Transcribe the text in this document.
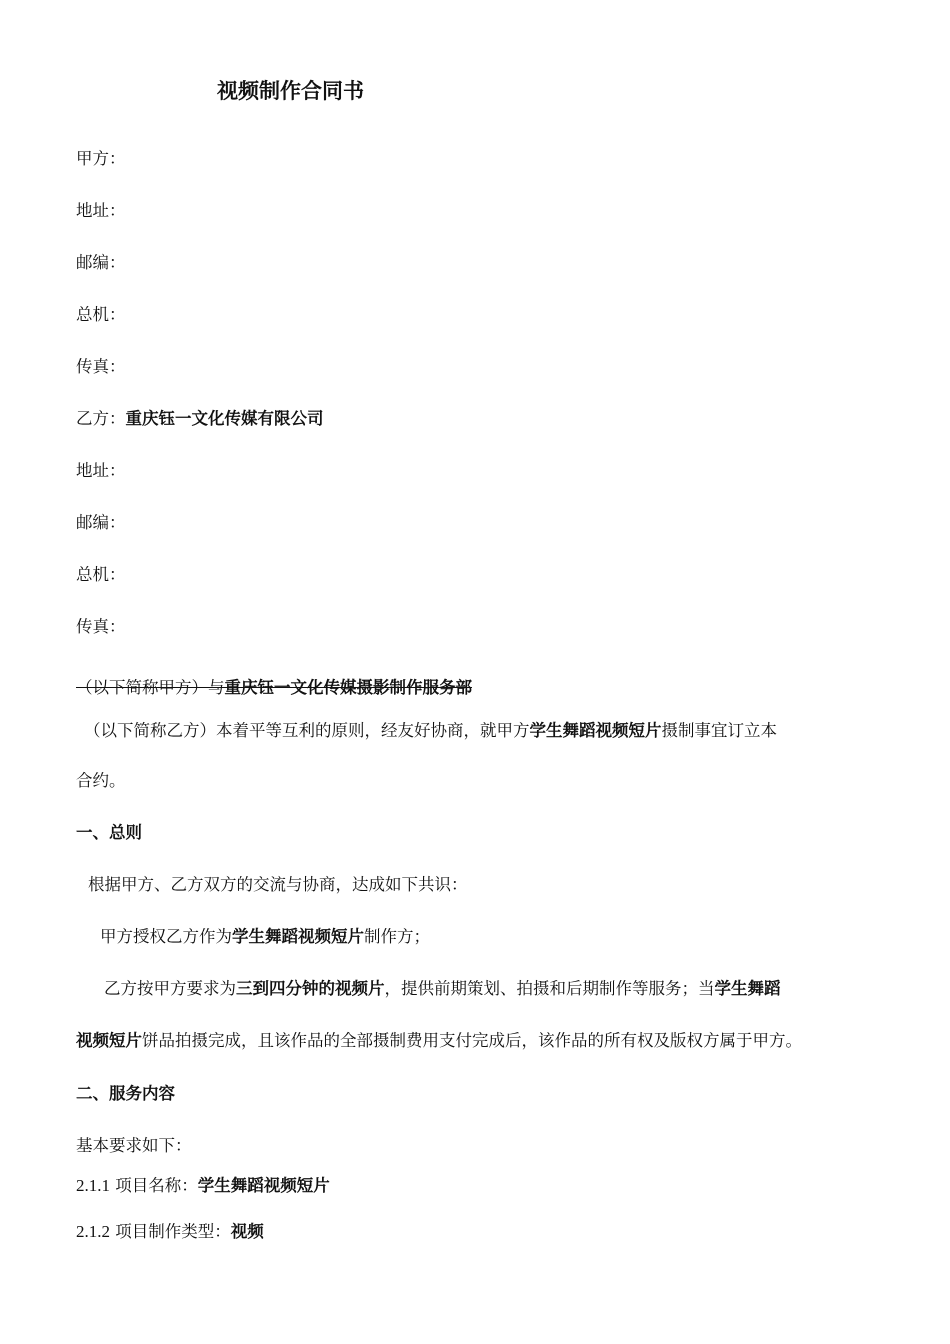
视频制作合同书
甲方：
地址：
邮编：
总机：
传真：
乙方：重庆钰一文化传媒有限公司
地址：
邮编：
总机：
传真：
（以下简称甲方）与重庆钰一文化传媒摄影制作服务部
（以下简称乙方）本着平等互利的原则，经友好协商，就甲方学生舞蹈视频短片摄制事宜订立本
合约。
一、总则
根据甲方、乙方双方的交流与协商，达成如下共识：
甲方授权乙方作为学生舞蹈视频短片制作方；
乙方按甲方要求为三到四分钟的视频片，提供前期策划、拍摄和后期制作等服务；当学生舞蹈
视频短片饼品拍摄完成，且该作品的全部摄制费用支付完成后，该作品的所有权及版权方属于甲方。
二、服务内容
基本要求如下：
2.1.1 项目名称：学生舞蹈视频短片
2.1.2 项目制作类型：视频
